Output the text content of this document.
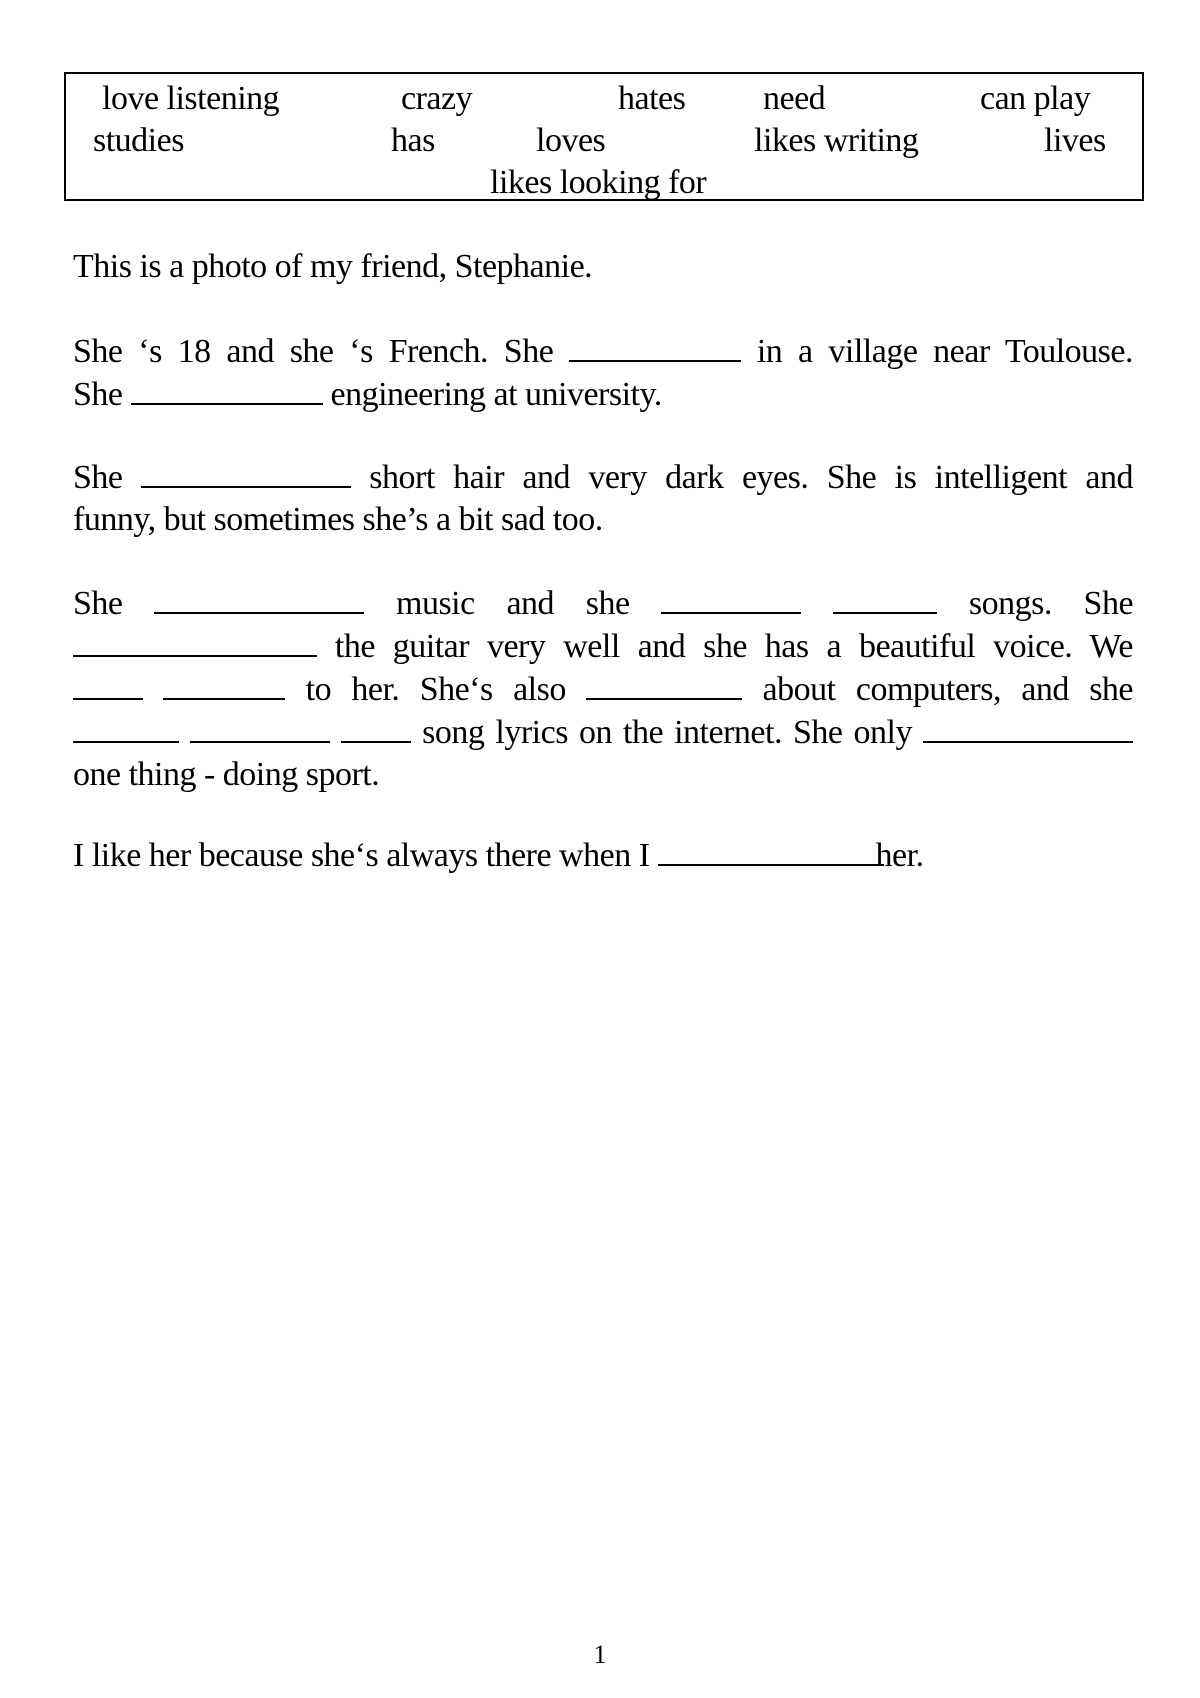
love listening	crazy	hates need	can play
studies	has	loves	likes writing	lives
likes looking for
This is a photo of my friend, Stephanie.
She ‘s 18 and she ‘s French. She	in a village near Toulouse.
She	engineering at university.
She	short hair and very dark eyes. She is intelligent and
funny, but sometimes she’s a bit sad too.
She	music and she	songs. She
the guitar very well and she has a beautiful voice. We
to her. She‘s also	about computers, and she
song lyrics on the internet. She only
one thing - doing sport.
I like her because she‘s always there when I	her.
1
